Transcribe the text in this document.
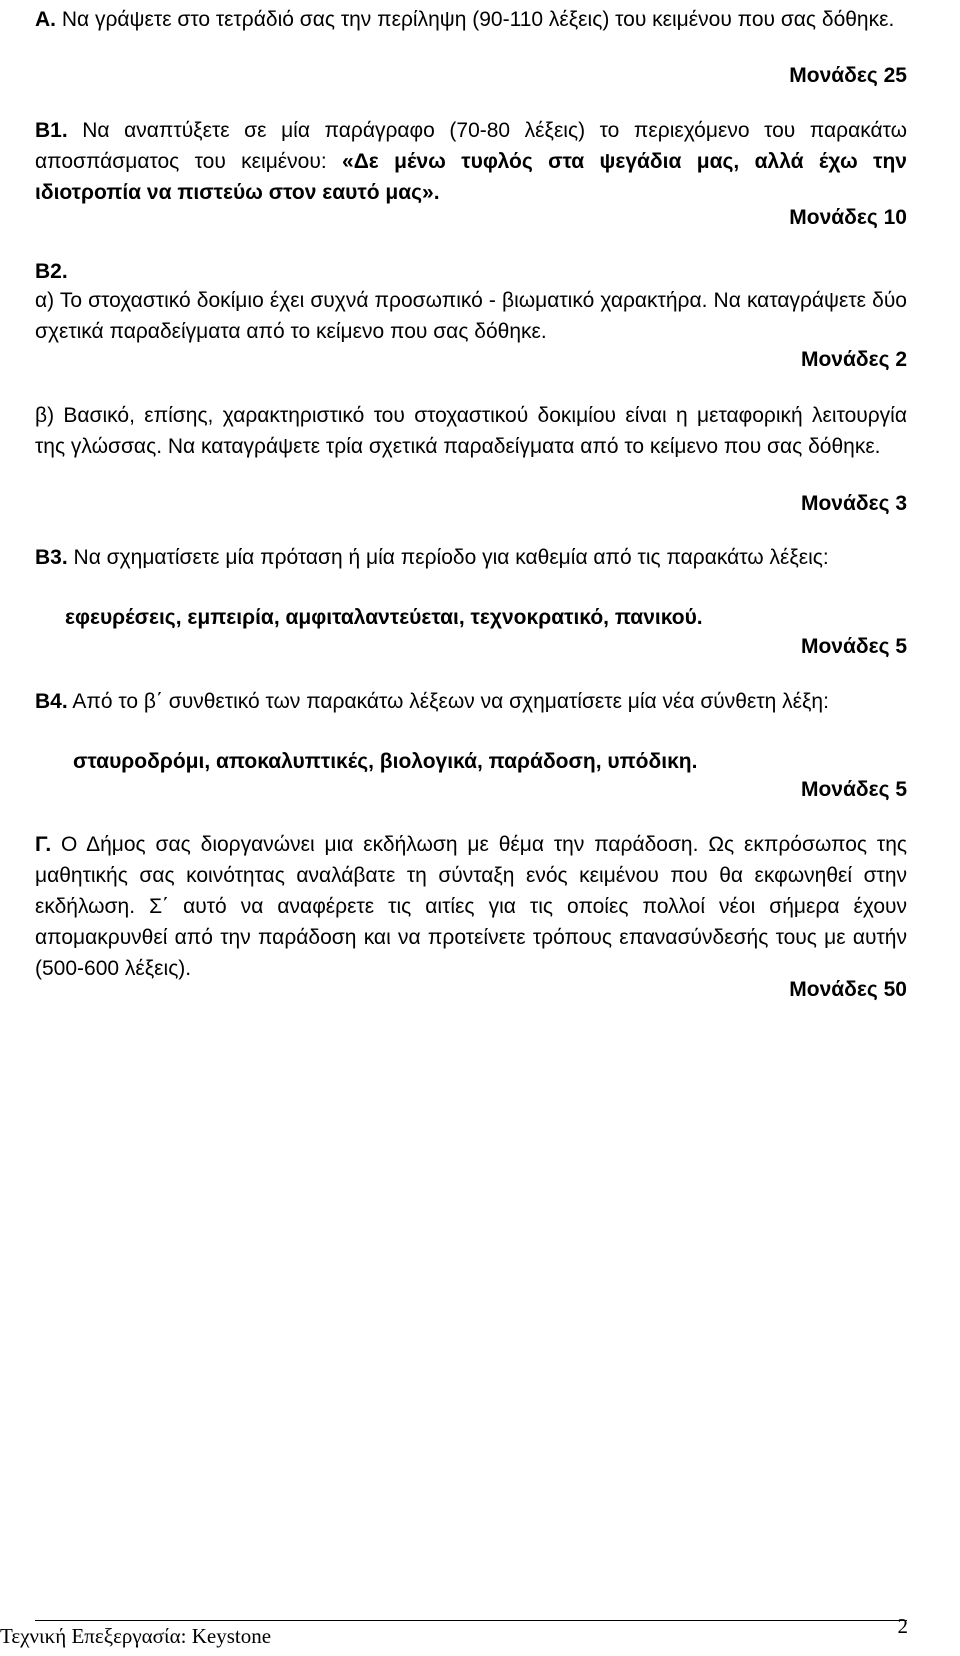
Α. Να γράψετε στο τετράδιό σας την περίληψη (90-110 λέξεις) του κειμένου που σας δόθηκε.
Μονάδες 25
Β1. Να αναπτύξετε σε μία παράγραφο (70-80 λέξεις) το περιεχόμενο του παρακάτω αποσπάσματος του κειμένου: «Δε μένω τυφλός στα ψεγάδια μας, αλλά έχω την ιδιοτροπία να πιστεύω στον εαυτό μας».
Μονάδες 10
Β2.
α) Το στοχαστικό δοκίμιο έχει συχνά προσωπικό - βιωματικό χαρακτήρα. Να καταγράψετε δύο σχετικά παραδείγματα από το κείμενο που σας δόθηκε.
Μονάδες 2
β) Βασικό, επίσης, χαρακτηριστικό του στοχαστικού δοκιμίου είναι η μεταφορική λειτουργία της γλώσσας. Να καταγράψετε τρία σχετικά παραδείγματα από το κείμενο που σας δόθηκε.
Μονάδες 3
Β3. Να σχηματίσετε μία πρόταση ή μία περίοδο για καθεμία από τις παρακάτω λέξεις:
εφευρέσεις, εμπειρία, αμφιταλαντεύεται, τεχνοκρατικό, πανικού.
Μονάδες 5
Β4. Από το β΄ συνθετικό των παρακάτω λέξεων να σχηματίσετε μία νέα σύνθετη λέξη:
σταυροδρόμι, αποκαλυπτικές, βιολογικά, παράδοση, υπόδικη.
Μονάδες 5
Γ. Ο Δήμος σας διοργανώνει μια εκδήλωση με θέμα την παράδοση. Ως εκπρόσωπος της μαθητικής σας κοινότητας αναλάβατε τη σύνταξη ενός κειμένου που θα εκφωνηθεί στην εκδήλωση. Σ΄ αυτό να αναφέρετε τις αιτίες για τις οποίες πολλοί νέοι σήμερα έχουν απομακρυνθεί από την παράδοση και να προτείνετε τρόπους επανασύνδεσής τους με αυτήν (500-600 λέξεις).
Μονάδες 50
Τεχνική Επεξεργασία: Keystone	2
